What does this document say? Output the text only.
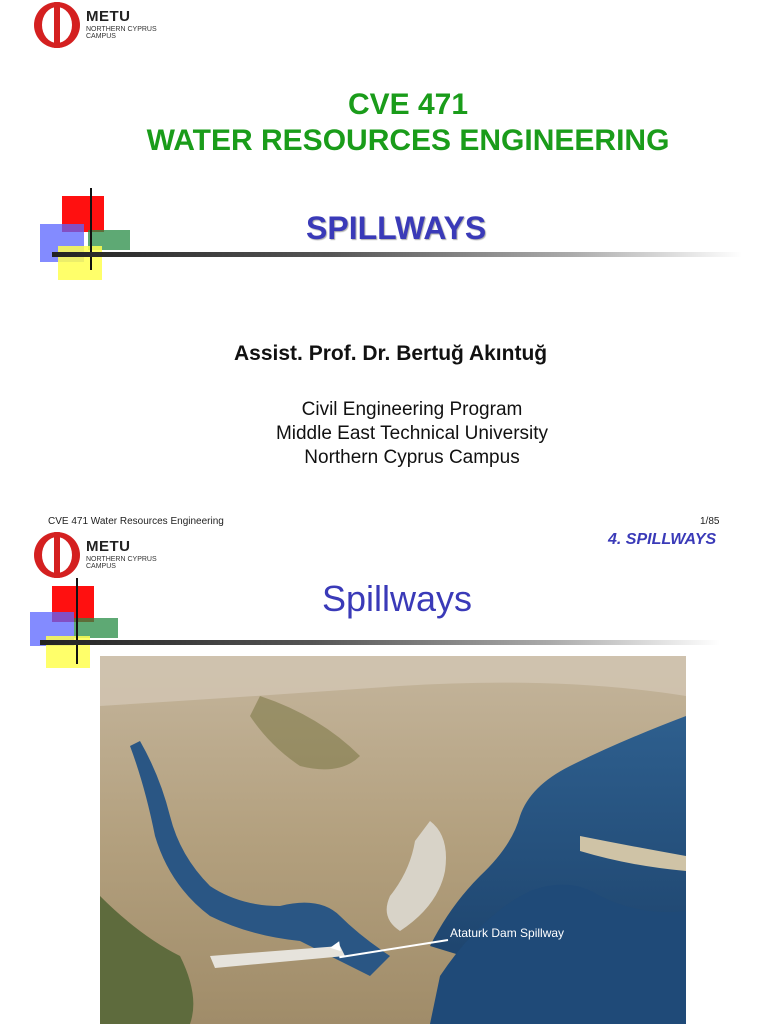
METU
NORTHERN CYPRUS
CAMPUS
CVE 471
WATER RESOURCES ENGINEERING
SPILLWAYS
Assist. Prof. Dr. Bertuğ Akıntuğ
Civil Engineering Program
Middle East Technical University
Northern Cyprus Campus
CVE 471 Water Resources Engineering	1/85
4. SPILLWAYS
METU
NORTHERN CYPRUS
CAMPUS
Spillways
Ataturk Dam Spillway
